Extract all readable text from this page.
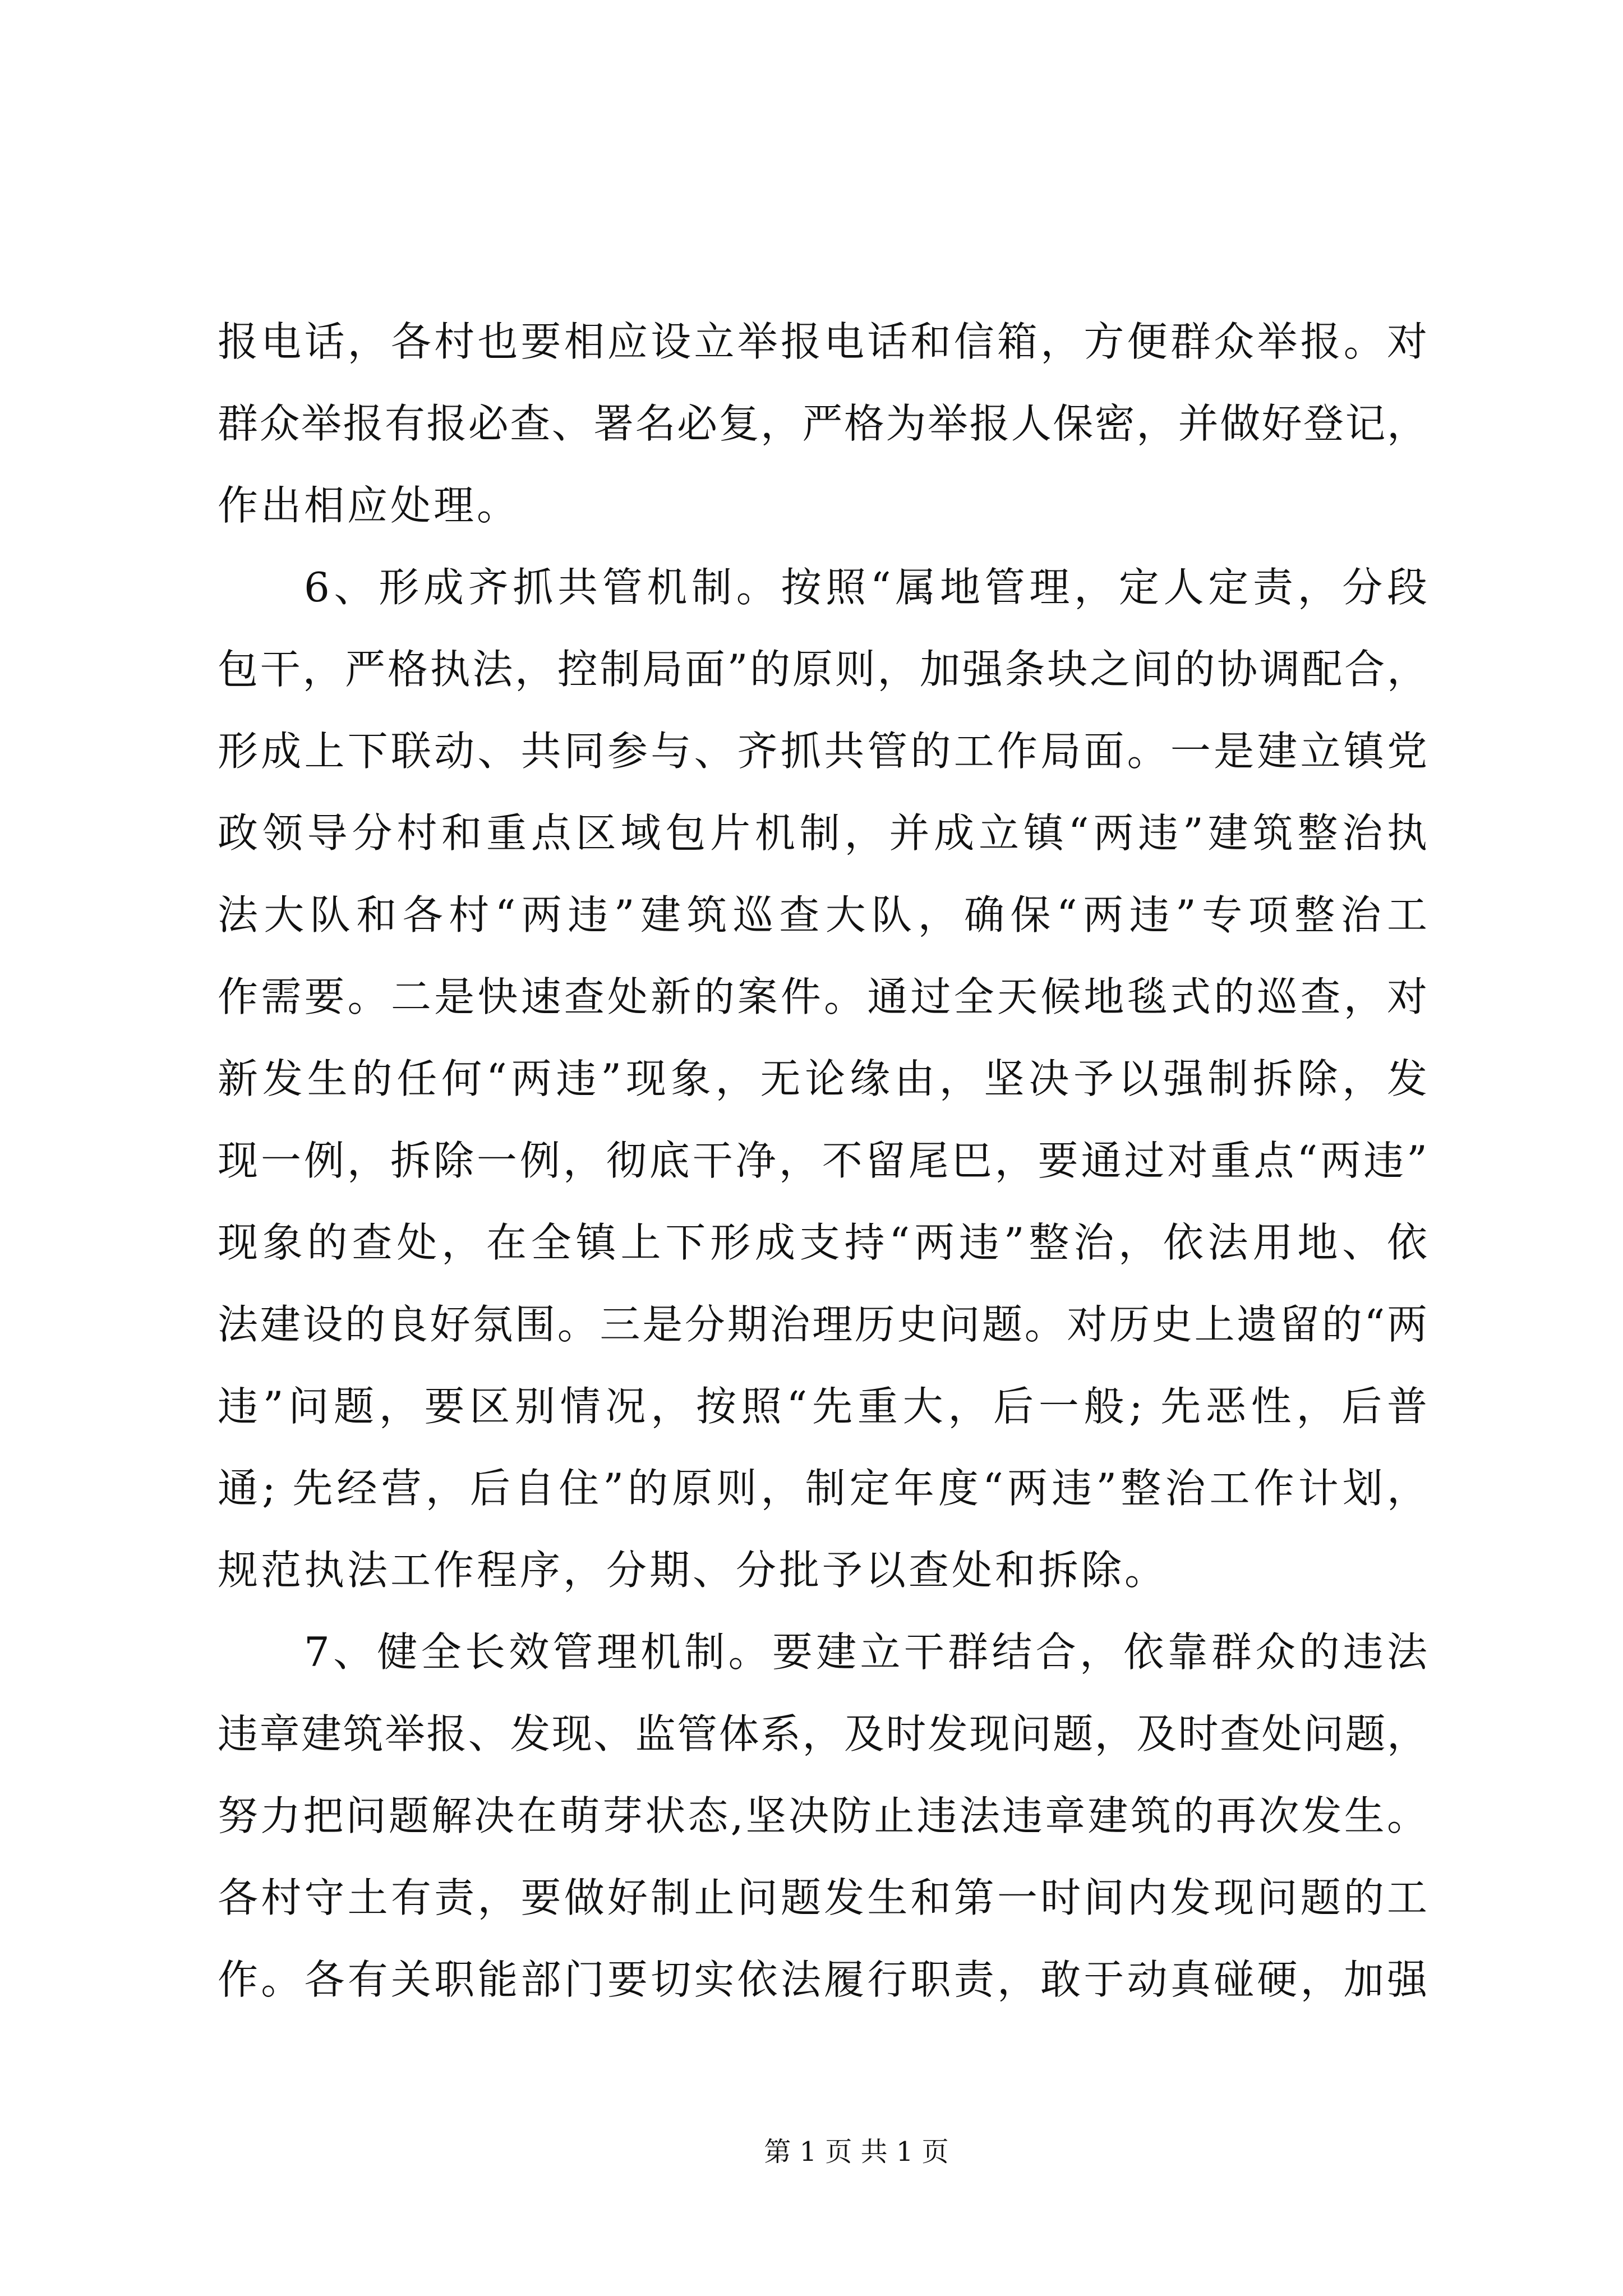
报电话，各村也要相应设立举报电话和信箱，方便群众举报。对
群众举报有报必查、署名必复，严格为举报人保密，并做好登记，
作出相应处理。
6、形成齐抓共管机制。按照“属地管理，定人定责，分段
包干，严格执法，控制局面”的原则，加强条块之间的协调配合，
形成上下联动、共同参与、齐抓共管的工作局面。一是建立镇党
政领导分村和重点区域包片机制，并成立镇“两违”建筑整治执
法大队和各村“两违”建筑巡查大队，确保“两违”专项整治工
作需要。二是快速查处新的案件。通过全天候地毯式的巡查，对
新发生的任何“两违”现象，无论缘由，坚决予以强制拆除，发
现一例，拆除一例，彻底干净，不留尾巴，要通过对重点“两违”
现象的查处，在全镇上下形成支持“两违”整治，依法用地、依
法建设的良好氛围。三是分期治理历史问题。对历史上遗留的“两
违”问题，要区别情况，按照“先重大，后一般; 先恶性，后普
通; 先经营，后自住”的原则，制定年度“两违”整治工作计划，
规范执法工作程序，分期、分批予以查处和拆除。
7、健全长效管理机制。要建立干群结合，依靠群众的违法
违章建筑举报、发现、监管体系，及时发现问题，及时查处问题，
努力把问题解决在萌芽状态,坚决防止违法违章建筑的再次发生。
各村守土有责，要做好制止问题发生和第一时间内发现问题的工
作。各有关职能部门要切实依法履行职责，敢于动真碰硬，加强
第 1 页 共 1 页
